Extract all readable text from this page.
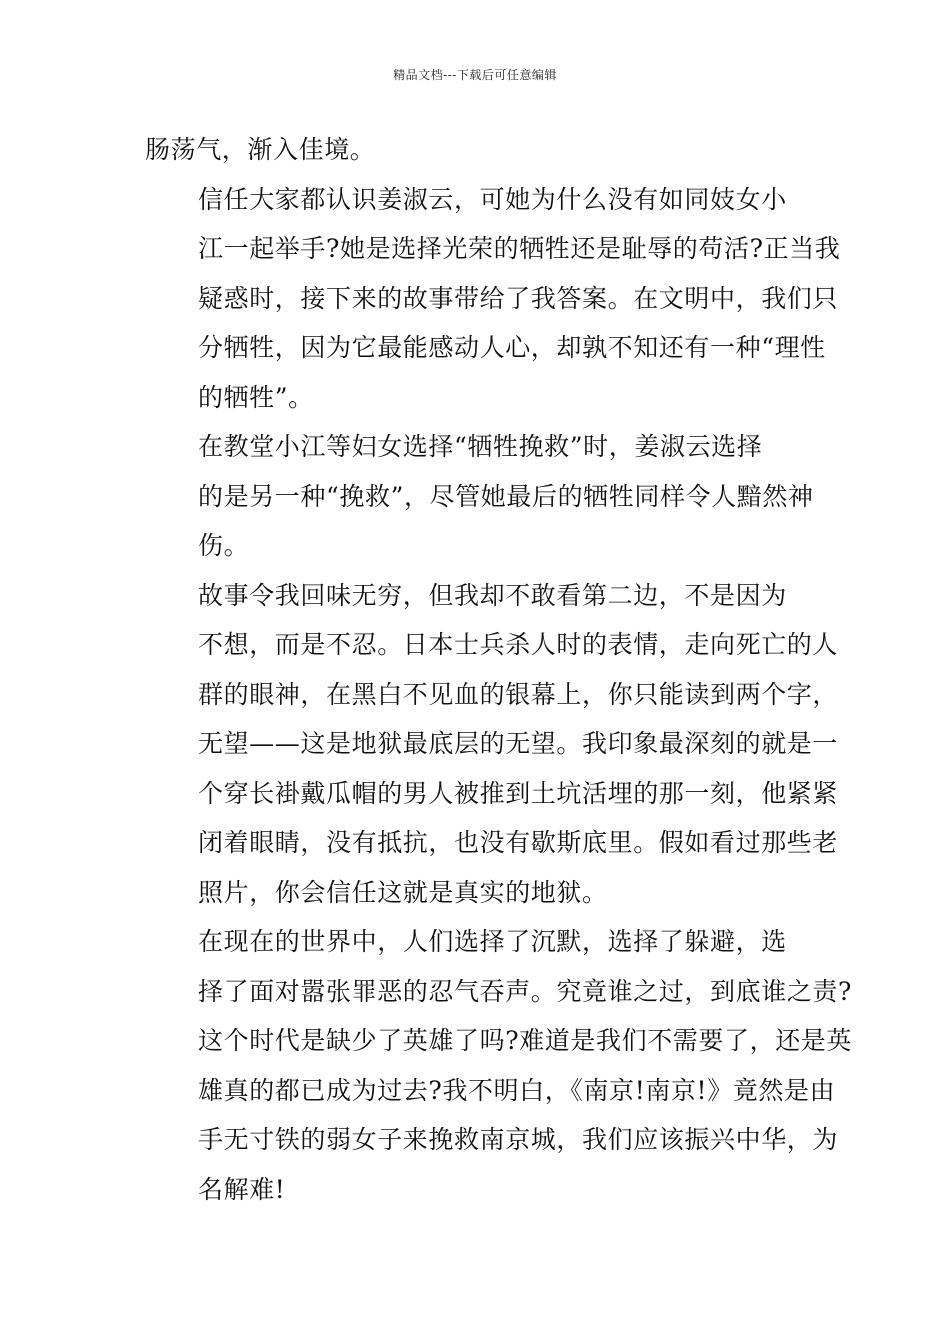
精品文档---下载后可任意编辑

肠荡气，渐入佳境。

信任大家都认识姜淑云，可她为什么没有如同妓女小
江一起举手?她是选择光荣的牺牲还是耻辱的苟活?正当我
疑惑时，接下来的故事带给了我答案。在文明中，我们只
分牺牲，因为它最能感动人心，却孰不知还有一种“理性
的牺牲”。

在教堂小江等妇女选择“牺牲挽救”时，姜淑云选择
的是另一种“挽救”，尽管她最后的牺牲同样令人黯然神
伤。

故事令我回味无穷，但我却不敢看第二边，不是因为
不想，而是不忍。日本士兵杀人时的表情，走向死亡的人
群的眼神，在黑白不见血的银幕上，你只能读到两个字，
无望——这是地狱最底层的无望。我印象最深刻的就是一
个穿长褂戴瓜帽的男人被推到土坑活埋的那一刻，他紧紧
闭着眼睛，没有抵抗，也没有歇斯底里。假如看过那些老
照片，你会信任这就是真实的地狱。

在现在的世界中，人们选择了沉默，选择了躲避，选
择了面对嚣张罪恶的忍气吞声。究竟谁之过，到底谁之责?
这个时代是缺少了英雄了吗?难道是我们不需要了，还是英
雄真的都已成为过去?我不明白，《南京!南京!》竟然是由
手无寸铁的弱女子来挽救南京城，我们应该振兴中华，为
名解难!
